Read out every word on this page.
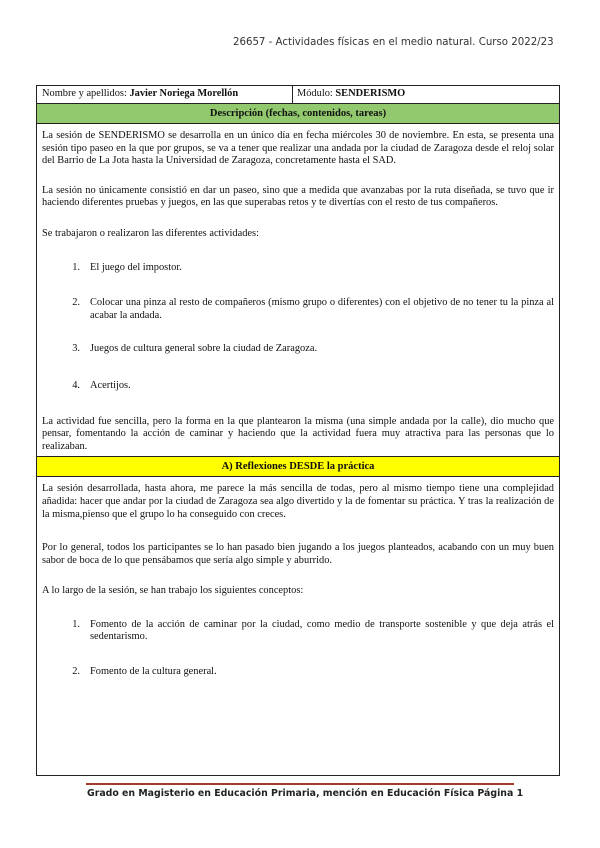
26657 - Actividades físicas en el medio natural. Curso 2022/23
Nombre y apellidos: Javier Noriega Morellón	Módulo: SENDERISMO
Descripción (fechas, contenidos, tareas)

La sesión de SENDERISMO se desarrolla en un único día en fecha miércoles 30 de noviembre. En esta, se presenta una sesión tipo paseo en la que por grupos, se va a tener que realizar una andada por la ciudad de Zaragoza desde el reloj solar del Barrio de La Jota hasta la Universidad de Zaragoza, concretamente hasta el SAD.

La sesión no únicamente consistió en dar un paseo, sino que a medida que avanzabas por la ruta diseñada, se tuvo que ir haciendo diferentes pruebas y juegos, en las que superabas retos y te divertías con el resto de tus compañeros.

Se trabajaron o realizaron las diferentes actividades:

1. El juego del impostor.
2. Colocar una pinza al resto de compañeros (mismo grupo o diferentes) con el objetivo de no tener tu la pinza al acabar la andada.
3. Juegos de cultura general sobre la ciudad de Zaragoza.
4. Acertijos.

La actividad fue sencilla, pero la forma en la que plantearon la misma (una simple andada por la calle), dio mucho que pensar, fomentando la acción de caminar y haciendo que la actividad fuera muy atractiva para las personas que lo realizaban.

A) Reflexiones DESDE la práctica

La sesión desarrollada, hasta ahora, me parece la más sencilla de todas, pero al mismo tiempo tiene una complejidad añadida: hacer que andar por la ciudad de Zaragoza sea algo divertido y la de fomentar su práctica. Y tras la realización de la misma,pienso que el grupo lo ha conseguido con creces.

Por lo general, todos los participantes se lo han pasado bien jugando a los juegos planteados, acabando con un muy buen sabor de boca de lo que pensábamos que sería algo simple y aburrido.

A lo largo de la sesión, se han trabajo los siguientes conceptos:

1. Fomento de la acción de caminar por la ciudad, como medio de transporte sostenible y que deja atrás el sedentarismo.
2. Fomento de la cultura general.
Grado en Magisterio en Educación Primaria, mención en Educación Física Página 1
